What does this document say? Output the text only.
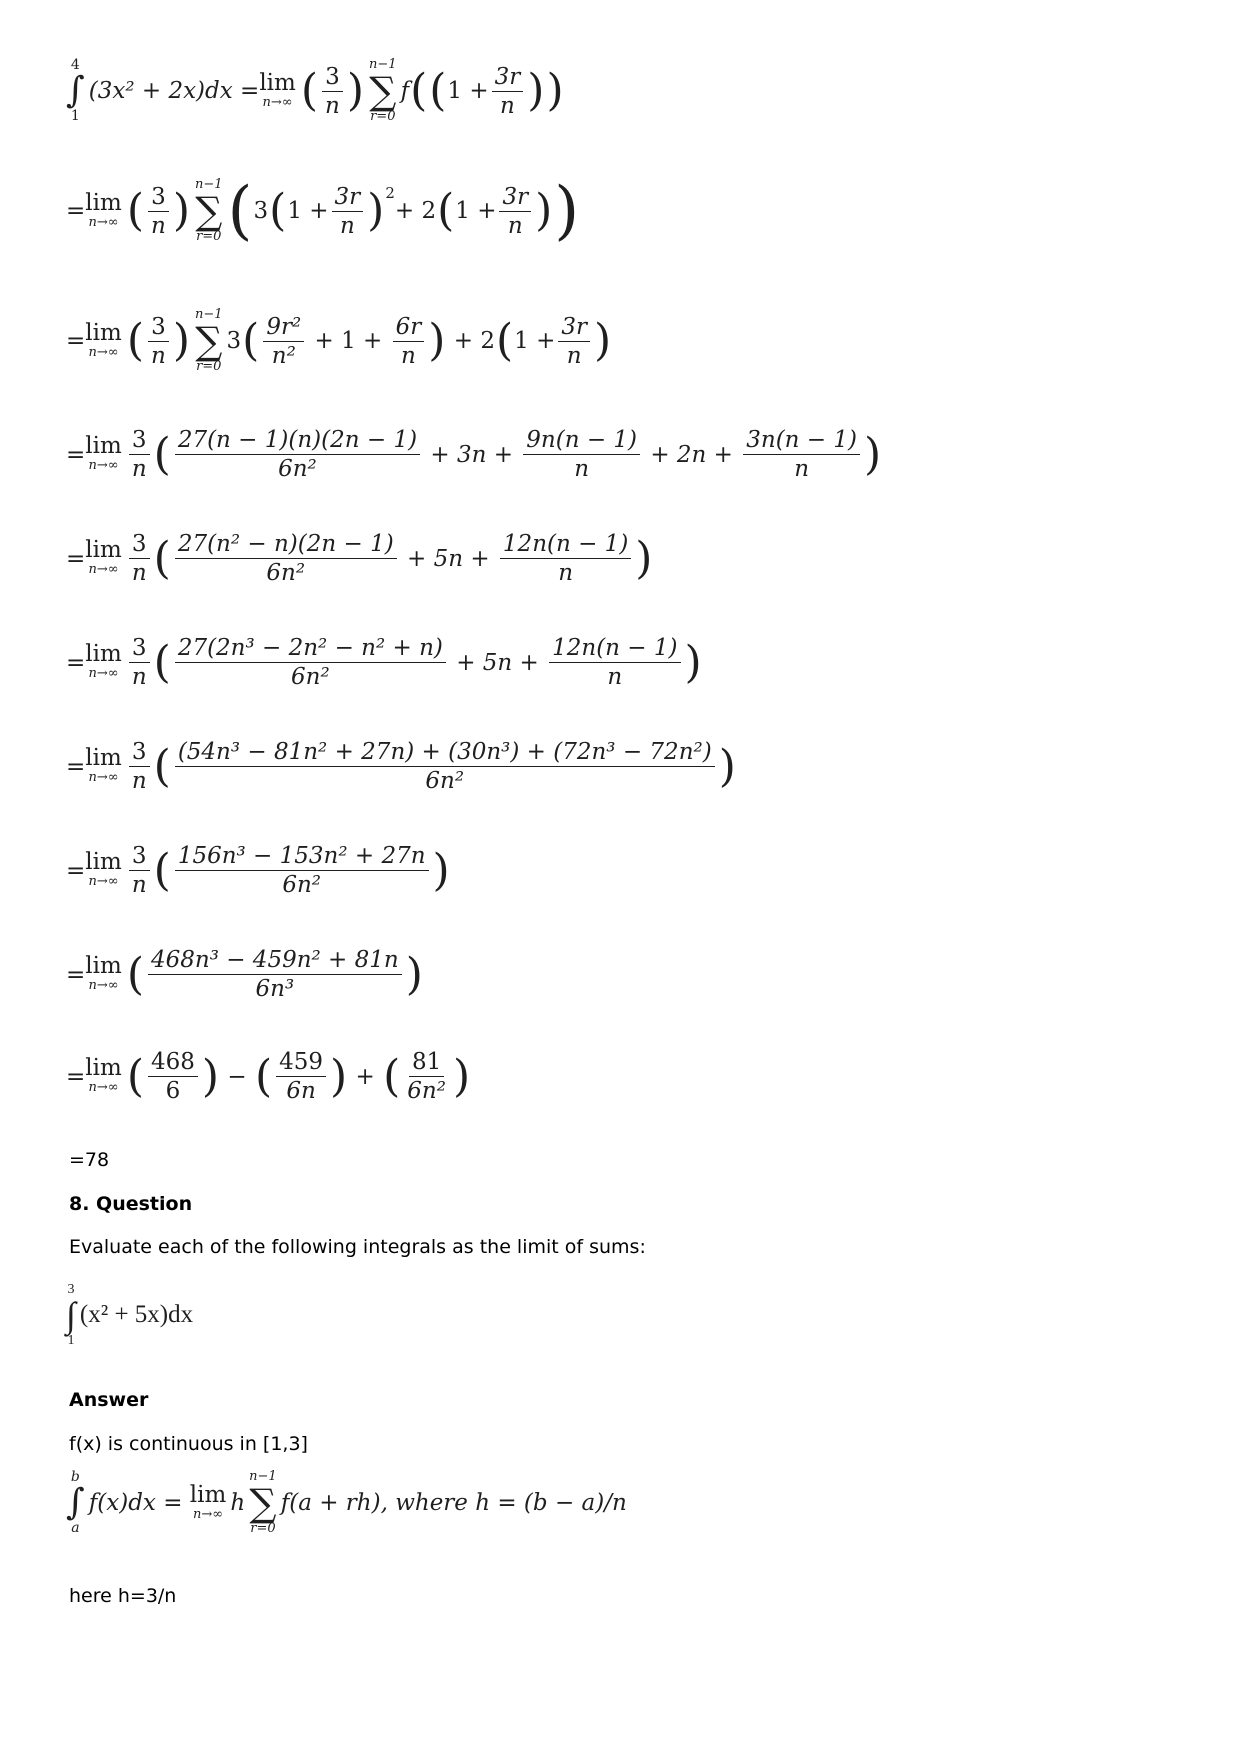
4
∫
1
(3x² + 2x)dx = lim
n→∞ ( $\frac{3}{n}$ )
n−1
∑
r=0
f ( ( $1 + \frac{3r}{n}$ ) )
= lim
n→∞ ( $\frac{3}{n}$ )
n−1
∑
r=0 ( 3 ( $1 + \frac{3r}{n} )^2$
+ 2 ( $1 + \frac{3r}{n}$ ) )
= lim
n→∞ ( $\frac{3}{n}$ )
n−1
∑
r=0
3 ( $\frac{\text{9r²}}{\text{n²}} + 1 + \frac{6r}{n}$ ) + 2 ( $1 + \frac{3r}{n}$ )
= lim
$n\to\infty \frac{3}{n}$ ( $\frac{27(n - 1)(n)(2n - 1)}{\text{6n²}} + 3n + \frac{9n(n - 1)}{n} + 2n + \frac{3n(n - 1)}{n}$ )
= lim
$n\to\infty \frac{3}{n}$ ( $\frac{\text{27(n² − n)(2n − 1)}}{\text{6n²}} + 5n + \frac{12n(n - 1)}{n}$ )
= lim
$n\to\infty \frac{3}{n}$ ( $\frac{\text{27(2n³ − 2n² − n² + n)}}{\text{6n²}} + 5n + \frac{12n(n - 1)}{n}$ )
= lim
$n\to\infty \frac{3}{n}$ ( $\frac{\text{(54n³ − 81n² + 27n) + (30n³) + (72n³ − 72n²)}}{\text{6n²}}$ )
= lim
$n\to\infty \frac{3}{n}$ ( $\frac{\text{156n³ − 153n² + 27n}}{\text{6n²}}$ )
= lim
n→∞ ( $\frac{\text{468n³ − 459n² + 81n}}{\text{6n³}}$ )
= lim
n→∞ ( $\frac{468}{6}$ ) − ( $\frac{459}{6n}$ ) + ( $\frac{81}{\text{6n²}}$ )
=78
8. Question
Evaluate each of the following integrals as the limit of sums:
3
∫
1
(x² + 5x)dx
Answer
f(x) is continuous in [1,3]
b
∫
a
f(x)dx = lim
n→∞ h
n−1
∑
r=0
f(a + rh), where h = (b − a)/n
here h=3/n
